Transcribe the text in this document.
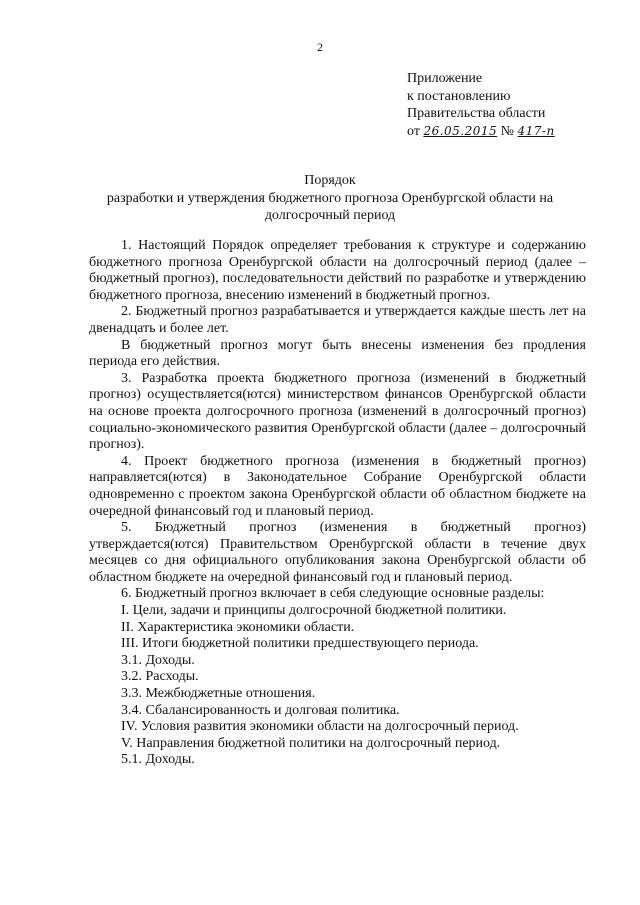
2
Приложение
к постановлению
Правительства области
от 26.05.2015 № 417-п
Порядок
разработки и утверждения бюджетного прогноза Оренбургской области на
долгосрочный период

1. Настоящий Порядок определяет требования к структуре и содержанию бюджетного прогноза Оренбургской области на долгосрочный период (далее – бюджетный прогноз), последовательности действий по разработке и утверждению бюджетного прогноза, внесению изменений в бюджетный прогноз.

2. Бюджетный прогноз разрабатывается и утверждается каждые шесть лет на двенадцать и более лет.

В бюджетный прогноз могут быть внесены изменения без продления периода его действия.

3. Разработка проекта бюджетного прогноза (изменений в бюджетный прогноз) осуществляется(ются) министерством финансов Оренбургской области на основе проекта долгосрочного прогноза (изменений в долгосрочный прогноз) социально-экономического развития Оренбургской области (далее – долгосрочный прогноз).

4. Проект бюджетного прогноза (изменения в бюджетный прогноз) направляется(ются) в Законодательное Собрание Оренбургской области одновременно с проектом закона Оренбургской области об областном бюджете на очередной финансовый год и плановый период.

5. Бюджетный прогноз (изменения в бюджетный прогноз) утверждается(ются) Правительством Оренбургской области в течение двух месяцев со дня официального опубликования закона Оренбургской области об областном бюджете на очередной финансовый год и плановый период.

6. Бюджетный прогноз включает в себя следующие основные разделы:

I. Цели, задачи и принципы долгосрочной бюджетной политики.

II. Характеристика экономики области.

III. Итоги бюджетной политики предшествующего периода.

3.1. Доходы.

3.2. Расходы.

3.3. Межбюджетные отношения.

3.4. Сбалансированность и долговая политика.

IV. Условия развития экономики области на долгосрочный период.

V. Направления бюджетной политики на долгосрочный период.

5.1. Доходы.
